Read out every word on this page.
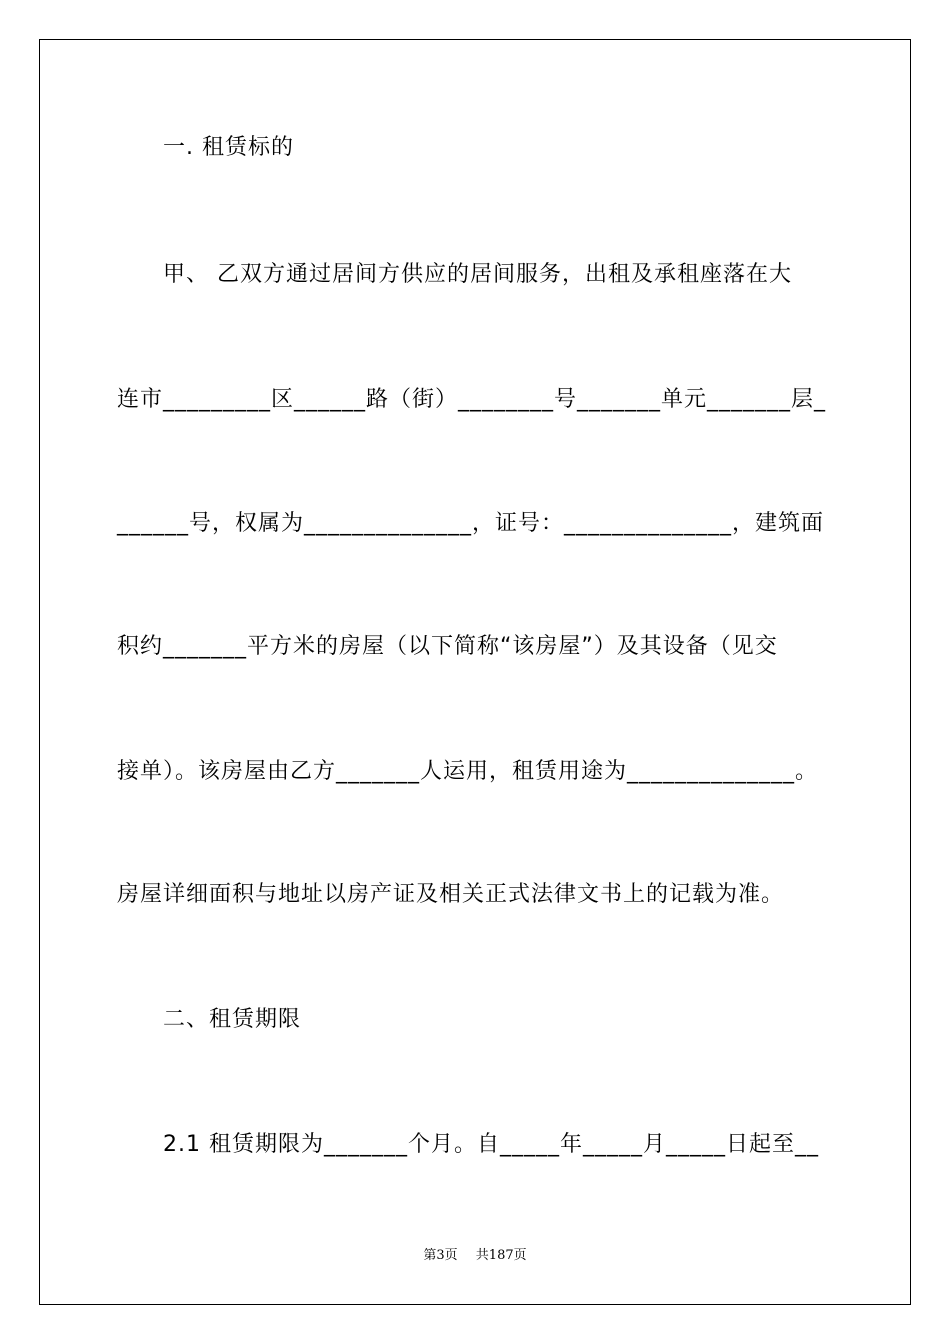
一. 租赁标的
甲、 乙双方通过居间方供应的居间服务，出租及承租座落在大
连市_________区______路（街）________号_______单元_______层_
______号，权属为______________，证号：______________，建筑面
积约_______平方米的房屋（以下简称“该房屋”）及其设备（见交
接单）。该房屋由乙方_______人运用，租赁用途为______________。
房屋详细面积与地址以房产证及相关正式法律文书上的记载为准。
二、租赁期限
2.1 租赁期限为_______个月。自_____年_____月_____日起至__
第3页 共187页
